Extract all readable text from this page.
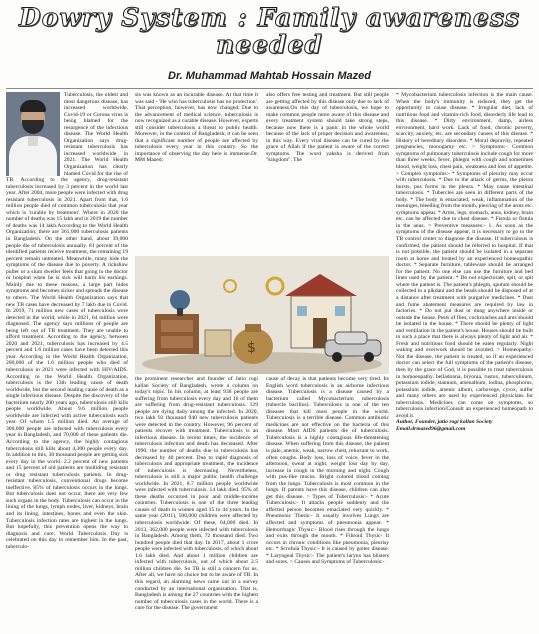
Dowry System : Family awareness needed
Dr. Muhammad Mahtab Hossain Mazed

Tuberculosis, the oldest and most dangerous disease, has increased worldwide. Covid-19 or Corona virus is being blamed for the resurgence of the infectious disease. The World Health Organization says drug-resistant tuberculosis has increased worldwide in 2021. The World Health Organization has clearly blamed Covid for the rise of TB. According to the agency, drug-resistant tuberculosis increased by 3 percent in the world last year. After 2004, more people were infected with drug resistant tuberculosis in 2021. Apart from that, 1.6 million people died of common tuberculosis that year which is 'curable by treatment'. Where in 2020 the number of deaths was 15 lakh and in 2019 the number of deaths was 14 lakh.According to the World Health Organization, there are 361,000 tuberculosis patients in Bangladesh. On the other hand, about 39,000 people die of tuberculosis annually. 81 percent of the identified patients receive treatment, the remaining 19 percent remain untreated. Meanwhile, many hide the symptoms of the disease due to poverty. A rickshaw puller or a slum dweller feels that going to the doctor or hospital when he is sick will harm his earnings. Mainly due to these reasons, a large part hides symptoms and becomes sicker and spreads the disease to others. The World Health Organization says that new TB cases have decreased by 7 lakh due to Covid. In 2019, 71 million new cases of tuberculosis were detected in the world, while in 2021, 64 million were diagnosed. The agency says millions of people are being left out of TB treatment. They are unable to afford treatment. According to the agency, between 2020 and 2021, tuberculosis has increased by 4.5 percent and 1.6 million cases have been detected this year. According to the World Health Organization, 200,000 of the 1.6 million people who died of tuberculosis in 2021 were infected with HIV/AIDS. According to the World Health Organization, tuberculosis is the 13th leading cause of death worldwide, but the second leading cause of death as a single infectious disease. Despite the discovery of the bacterium nearly 200 years ago, tuberculosis still kills people worldwide. About 9.6 million people worldwide are infected with active tuberculosis each year. Of whom 1.5 million died. An average of 300,000 people are infected with tuberculosis every year in Bangladesh, and 70,000 of these patients die. According to the agency, the highly contagious tuberculosis still kills about 4,300 people every day. In addition to this, 30 thousand people are getting sick every day in the world. 2.2 percent of new patients and 15 percent of old patients are multidrug resistant or drug resistant tuberculosis patients. In drug-resistant tuberculosis, conventional drugs become ineffective. 85% of tuberculosis occurs in the lungs. But tuberculosis does not occur, there are very few such organs in the body. Tuberculosis can occur in the lining of the lungs, lymph nodes, liver, kidneys, brain and its lining, intestines, bones and even the skin. Tuberculosis infection rates are highest in the lungs. But hopefully, this prevention opens the way to diagnosis and cure. World Tuberculosis Day is celebrated on this day to remember him. In the past, tuberculo-

sis was known as an incurable disease. At that time it was said - 'He who has tuberculosis has no protection'. That perception, however, has now changed. Due to the advancement of medical science, tuberculosis is now recognized as a curable disease. However, experts still consider tuberculosis a threat to public health. Moreover, in the context of Bangladesh, it can be seen that a significant number of people are affected by tuberculosis every year in this country. So the importance of observing the day here is immense.Dr. MM Mazed,

the prominent researcher and founder of Jatio rogi kallan Society of Bangladesh, wrote a column on today's topic. In his column, at least 938 people are suffering from tuberculosis every day and 16 of them are suffering from drug-resistant tuberculosis. 129 people are dying daily among the infected. In 2020, two lakh 92 thousand 940 new tuberculosis patients were detected in the country. However, 96 percent of patients recover with treatment. Tuberculosis is an infectious disease. In recent times, the incidence of tuberculosis infection and death has decreased. After 1990, the number of deaths due to tuberculosis has decreased by 40 percent. Due to rapid diagnosis of tuberculosis and appropriate treatment, the incidence of tuberculosis is decreasing. Nevertheless, tuberculosis is still a major public health challenge worldwide. In 2021, 8.7 million people worldwide were infected with tuberculosis. 14 lakh died. 95% of these deaths occurred in poor and middle-income countries. Tuberculosis is one of the three leading causes of death in women aged 15 to 44 years. In the same year (2011), 500,000 children were affected by tuberculosis worldwide. Of these, 64,000 died. In 2013, 362,000 people were infected with tuberculosis in Bangladesh. Among them, 72 thousand died. Two hundred people died that day. In 2017, about 1 crore people were infected with tuberculosis, of which about 1.6 lakh died. And about 1 million children are infected with tuberculosis, out of which about 2.5 million children die. So TB is still a concern for us. After all, we have no choice but to be aware of TB. In this regard, an alarming news came out in a survey conducted by an international organization. That is, Bangladesh is among the 27 countries with the highest number of tuberculosis cases in the world. There is a cure for the disease. The government

also offers free testing and treatment. But still people are getting affected by this disease only due to lack of awareness.On this day of tuberculosis, we hope to make common people more aware of this disease and every treatment system should take strong steps, because now there is a panic in the whole world because of the lack of proper decision and awareness, in this way. Every viral disease can be cured by the grace of Allah if the patient is aware of the correct symptoms. The word yaksha is derived from "kingdom". The

cause of decay is that patients become very tired. Its English word tuberculosis is an airborne infectious disease. Tuberculosis is a disease caused by a bacterium called Mycobacterium tuberculosis (tubercle bacillus). Tuberculosis is one of the ten diseases that kill most people in the world. Tuberculosis is a terrible disease. Common antibiotic medicines are not effective on the bacteria of this disease. Most AIDS patients die of tuberculosis. Tuberculosis is a highly contagious life-threatening disease. When suffering from this disease, the patient is pale, anemic, weak, narrow chest, reluctant to work, often coughs. Body loss, loss of voice, fever in the afternoon, sweat at night, weight loss day by day, increase in cough in the morning and night. Cough with pus-like mucus. Bright colored blood coming from the lungs. Tuberculosis is most common in the lungs. If parents have this disease, children can also get this disease. > Types of Tuberculosis:- * Acute Tuberculosis:- It attacks people suddenly and the affected person becomes emaciated very quickly. * Pneumonic Thesis:- It usually involves Lungs are affected and symptoms of pneumonia appear. * Hemorrhagic Thysic:- Blood rises through the lungs and exits through the mouth. * Fibroid Thysic- It occurs in chronic conditions like pneumonia, pleurisy etc. * Scrofula Thysic:- It is caused by goiter disease. * Laryngeal Thysic:- The patient's larynx has blisters and sores. > Causes and Symptoms of Tuberculosis:-

$

* Mycobacterium tuberculosis infection is the main cause. When the body's immunity is reduced, they get the opportunity to cause disease. * Irregular diet, lack of nutritious food and vitamin-rich food, disorderly life lead to this disease. * Dirty environment, damp, airless environment, hard work. Lack of food, chronic poverty, scarcity, anxiety, etc. are secondary causes of this disease. * History of hereditary disorders. * Moral depravity, repeated pregnancies, monogamy etc. > Symptoms:- Common symptoms of pulmonary tuberculosis include cough for more than three weeks, fever, phlegm with cough and sometimes blood, weight loss, chest pain, weakness and loss of appetite. > Complex symptoms:- * Symptoms of pleurisy may occur with tuberculosis. * Due to the attack of germs, the pleura bursts, pus forms in the pleura. * May cause intestinal tuberculosis. * Tubercles are seen in different parts of the body. * The body is emaciated, weak, inflammation of the meninges, bleeding from the mouth, piercing of the arms etc. symptoms appear. * Arms, legs, stomach, anus, kidney, brain etc. can be affected due to chest disease. * Fistula or fistula in the anus. > Preventive measures:- 1. As soon as the symptoms of the disease appear, it is necessary to go to the TB control center to diagnose the disease. If tuberculosis is confirmed, the patient should be referred to hospital. If that is not possible, the patient should be isolated in a separate room at home and treated by an experienced homeopathic doctor. * Separate furniture, tableware should be arranged for the patient. No one else can use the furniture and bed linen used by the patient. * Do not expectorate, spit, or spit where the patient is. The patient's phlegm, sputum should be collected in a pikdani and the beads should be disposed of at a distance after treatment with purgative medicines. * Dust and fume abatement measures are required by law in factories. * Do not put dust or dung anywhere inside or outside the house. Pests of flies, cockroaches and ants should be isolated in the house. * There should be plenty of light and ventilation in the patient's house. Houses should be built in such a place that there is always plenty of light and air. * Fresh and nutritious food should be eaten regularly. Night waking and overwork should be avoided. > Homeopathy: Not the disease, the patient is treated, so if an experienced doctor can select the full symptoms of the patient's disease, then by the grace of God, it is possible to treat tuberculosis in homoeopathy. belladonna, bryonia, rustox, tuberculinum, potassium iodide, stannum, arsenalbum, iodina, phosphorus, potassium iodide, arsenic album, carbovege, cyrox, sulfur and many others are used by experienced physicians for tuberculosis. Medicines can come on symptoms, so tuberculosis infection/Consult an experienced homeopath to avoid it.

Author, Founder, jatio rogi kallan Society

Email.drmazed96@gmail.com
